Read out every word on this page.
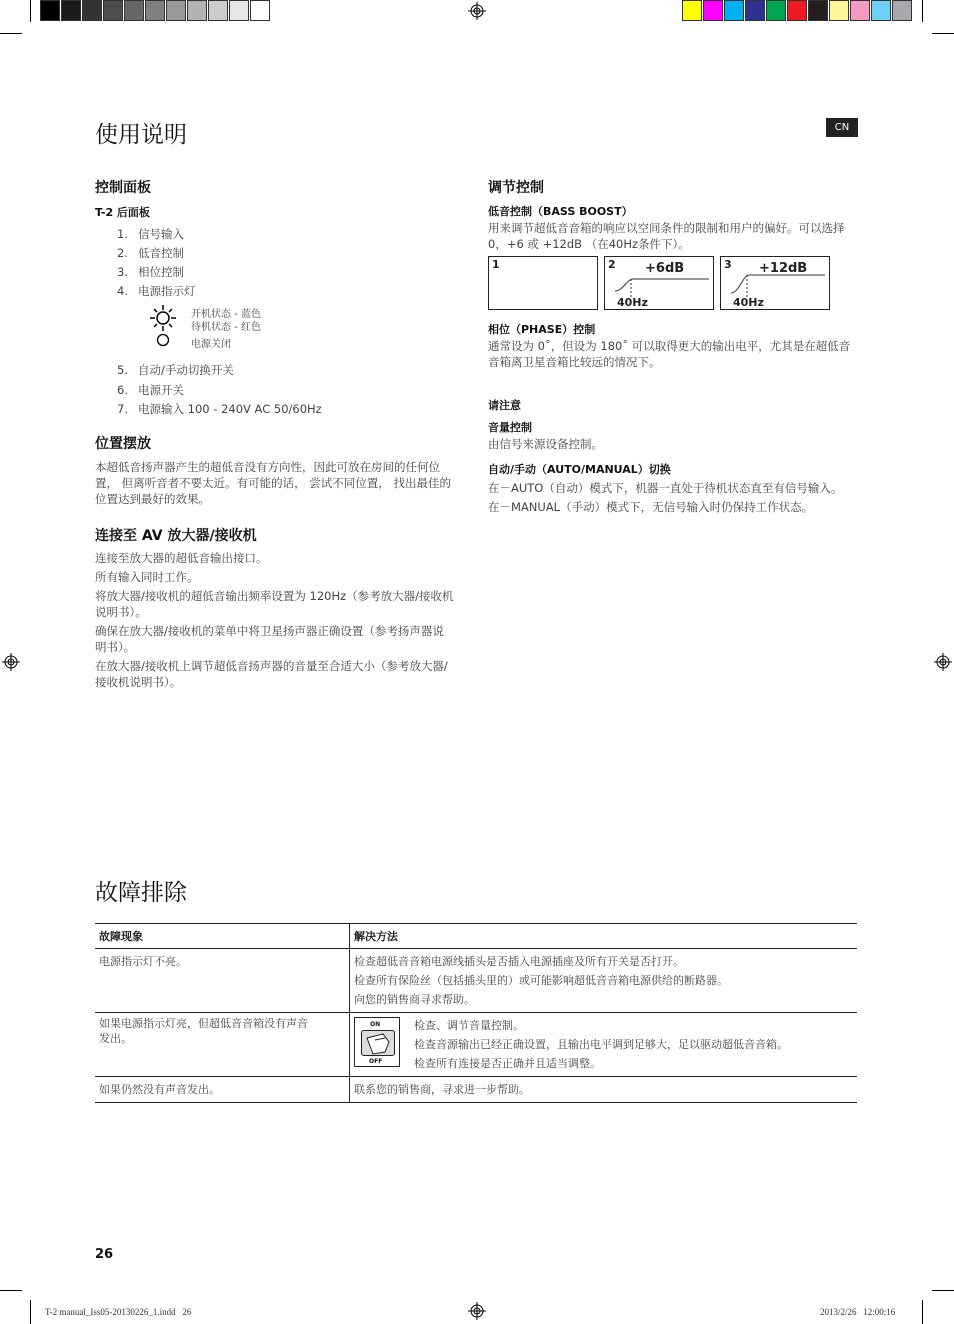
使用说明	CN
控制面板
T-2 后面板
1. 信号输入
2. 低音控制
3. 相位控制
4. 电源指示灯
开机状态 - 蓝色
待机状态 - 红色
电源关闭
5. 自动/手动切换开关
6. 电源开关
7. 电源输入 100 - 240V AC 50/60Hz
位置摆放
本超低音扬声器产生的超低音没有方向性，因此可放在房间的任何位
置， 但离听音者不要太近。有可能的话， 尝试不同位置， 找出最佳的
位置达到最好的效果。
连接至 AV 放大器/接收机
连接至放大器的超低音输出接口。
所有输入同时工作。
将放大器/接收机的超低音输出频率设置为 120Hz（参考放大器/接收机
说明书）。
确保在放大器/接收机的菜单中将卫星扬声器正确设置（参考扬声器说
明书）。
在放大器/接收机上调节超低音扬声器的音量至合适大小（参考放大器/
接收机说明书）。
调节控制
低音控制（BASS BOOST）
用来调节超低音音箱的响应以空间条件的限制和用户的偏好。可以选择
0，+6 或 +12dB （在40Hz条件下）。
1	2 +6dB
40Hz
3 +12dB
40Hz
相位（PHASE）控制
通常设为 0˚，但设为 180˚ 可以取得更大的输出电平，尤其是在超低音
音箱离卫星音箱比较远的情况下。
请注意
音量控制
由信号来源设备控制。
自动/手动（AUTO/MANUAL）切换
在－AUTO（自动）模式下，机器一直处于待机状态直至有信号输入。
在－MANUAL（手动）模式下，无信号输入时仍保持工作状态。
故障排除
故障现象	解决方法

电源指示灯不亮。	检查超低音音箱电源线插头是否插入电源插座及所有开关是否打开。
检查所有保险丝（包括插头里的）或可能影响超低音音箱电源供给的断路器。
向您的销售商寻求帮助。

如果电源指示灯亮，但超低音音箱没有声音
发出。	ON
OFF
检查、调节音量控制。
检查音源输出已经正确设置，且输出电平调到足够大，足以驱动超低音音箱。
检查所有连接是否正确并且适当调整。

如果仍然没有声音发出。	联系您的销售商，寻求进一步帮助。
26
T-2 manual_Iss05-20130226_1.indd   26	2013/2/26   12:00:16
